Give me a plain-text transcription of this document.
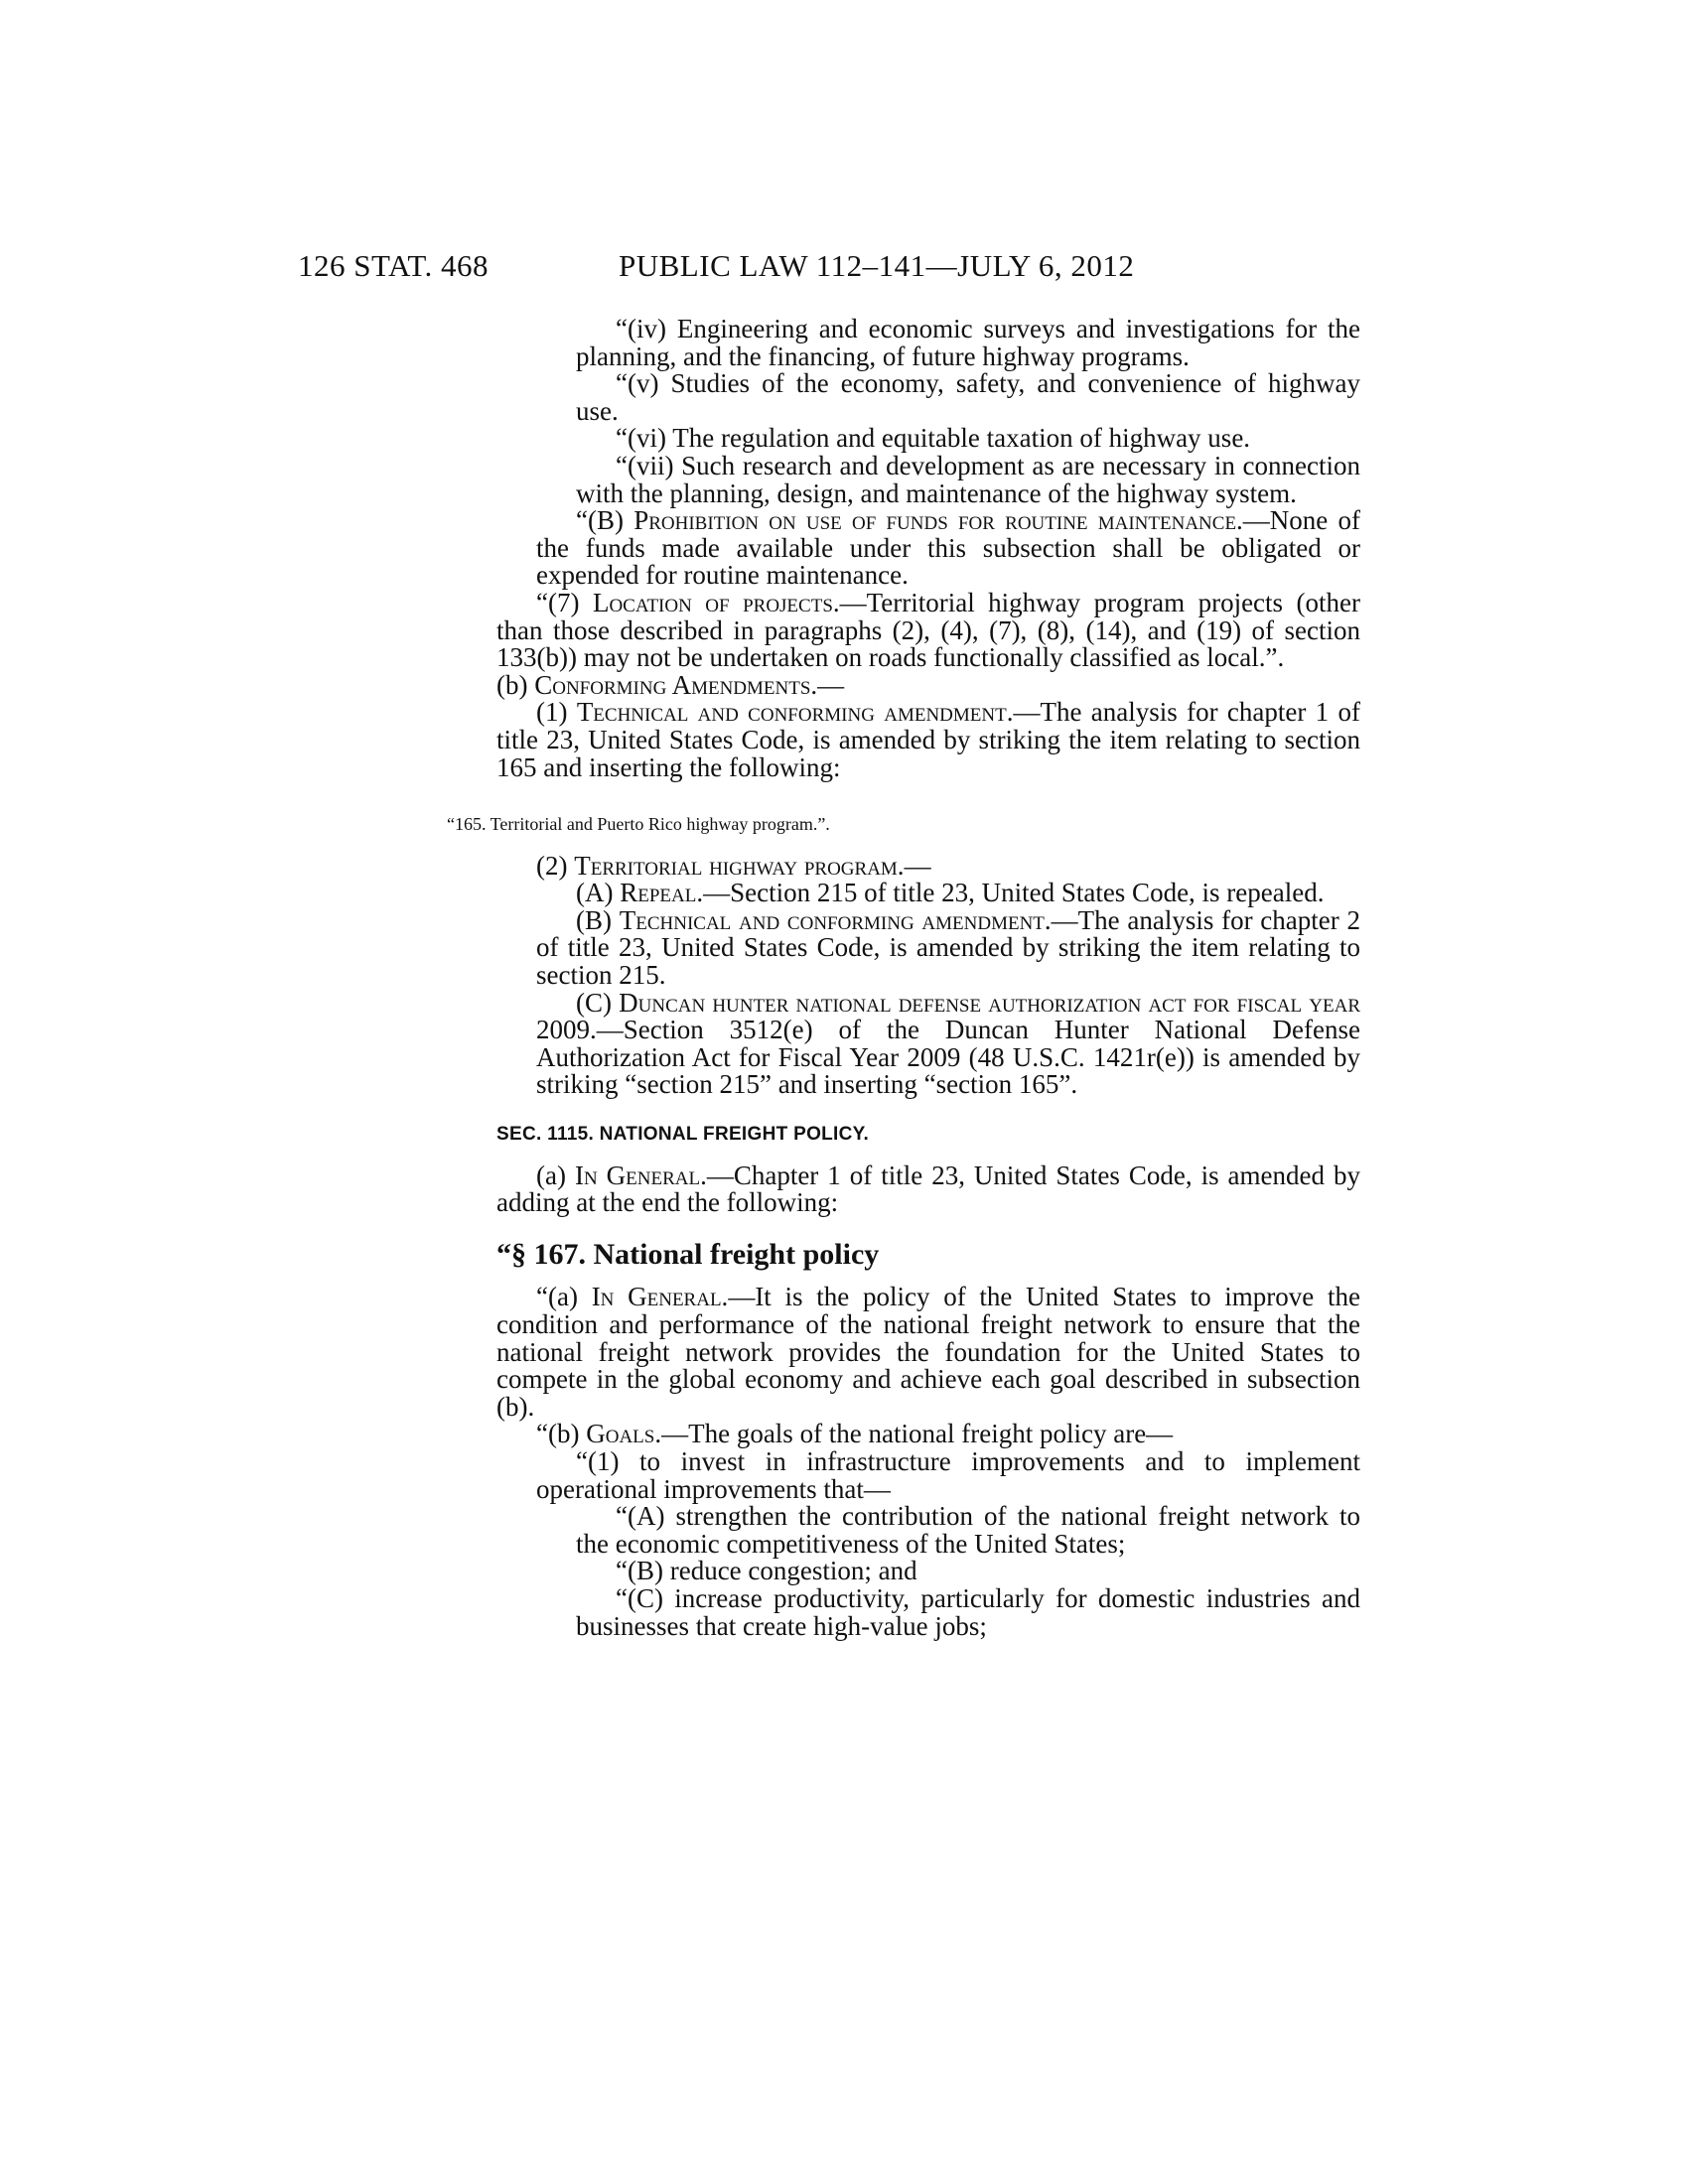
126 STAT. 468	PUBLIC LAW 112–141—JULY 6, 2012

“(iv) Engineering and economic surveys and investigations for the planning, and the financing, of future highway programs.

“(v) Studies of the economy, safety, and convenience of highway use.

“(vi) The regulation and equitable taxation of highway use.

“(vii) Such research and development as are necessary in connection with the planning, design, and maintenance of the highway system.

“(B) Prohibition on use of funds for routine maintenance.—None of the funds made available under this subsection shall be obligated or expended for routine maintenance.

“(7) Location of projects.—Territorial highway program projects (other than those described in paragraphs (2), (4), (7), (8), (14), and (19) of section 133(b)) may not be undertaken on roads functionally classified as local.”.

(b) Conforming Amendments.—

(1) Technical and conforming amendment.—The analysis for chapter 1 of title 23, United States Code, is amended by striking the item relating to section 165 and inserting the following:

“165. Territorial and Puerto Rico highway program.”.

(2) Territorial highway program.—

(A) Repeal.—Section 215 of title 23, United States Code, is repealed.

(B) Technical and conforming amendment.—The analysis for chapter 2 of title 23, United States Code, is amended by striking the item relating to section 215.

(C) Duncan hunter national defense authorization act for fiscal year 2009.—Section 3512(e) of the Duncan Hunter National Defense Authorization Act for Fiscal Year 2009 (48 U.S.C. 1421r(e)) is amended by striking “section 215” and inserting “section 165”.

SEC. 1115. NATIONAL FREIGHT POLICY.

(a) In General.—Chapter 1 of title 23, United States Code, is amended by adding at the end the following:

“§ 167. National freight policy

“(a) In General.—It is the policy of the United States to improve the condition and performance of the national freight network to ensure that the national freight network provides the foundation for the United States to compete in the global economy and achieve each goal described in subsection (b).

“(b) Goals.—The goals of the national freight policy are—

“(1) to invest in infrastructure improvements and to implement operational improvements that—

“(A) strengthen the contribution of the national freight network to the economic competitiveness of the United States;

“(B) reduce congestion; and

“(C) increase productivity, particularly for domestic industries and businesses that create high-value jobs;
